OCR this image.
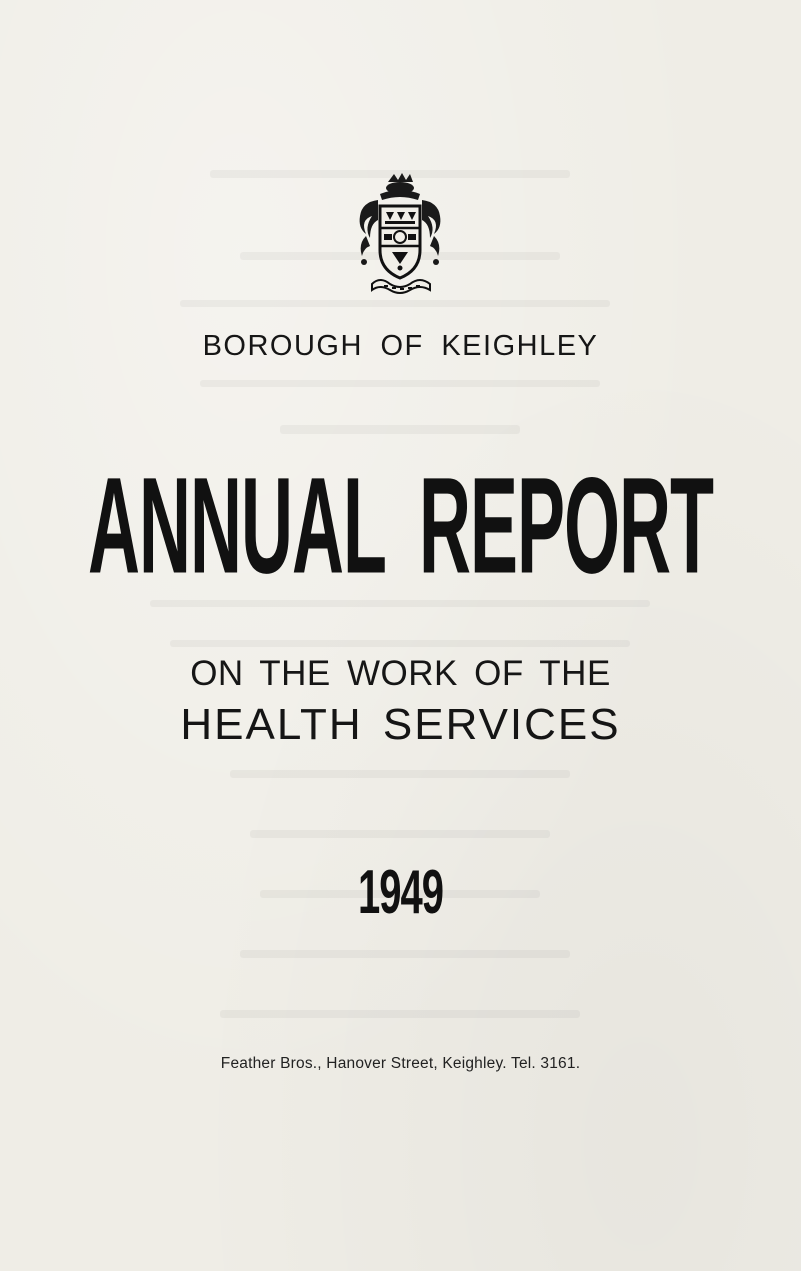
BOROUGH OF KEIGHLEY
ANNUAL REPORT
ON THE WORK OF THE
HEALTH SERVICES
1949
Feather Bros., Hanover Street, Keighley. Tel. 3161.
